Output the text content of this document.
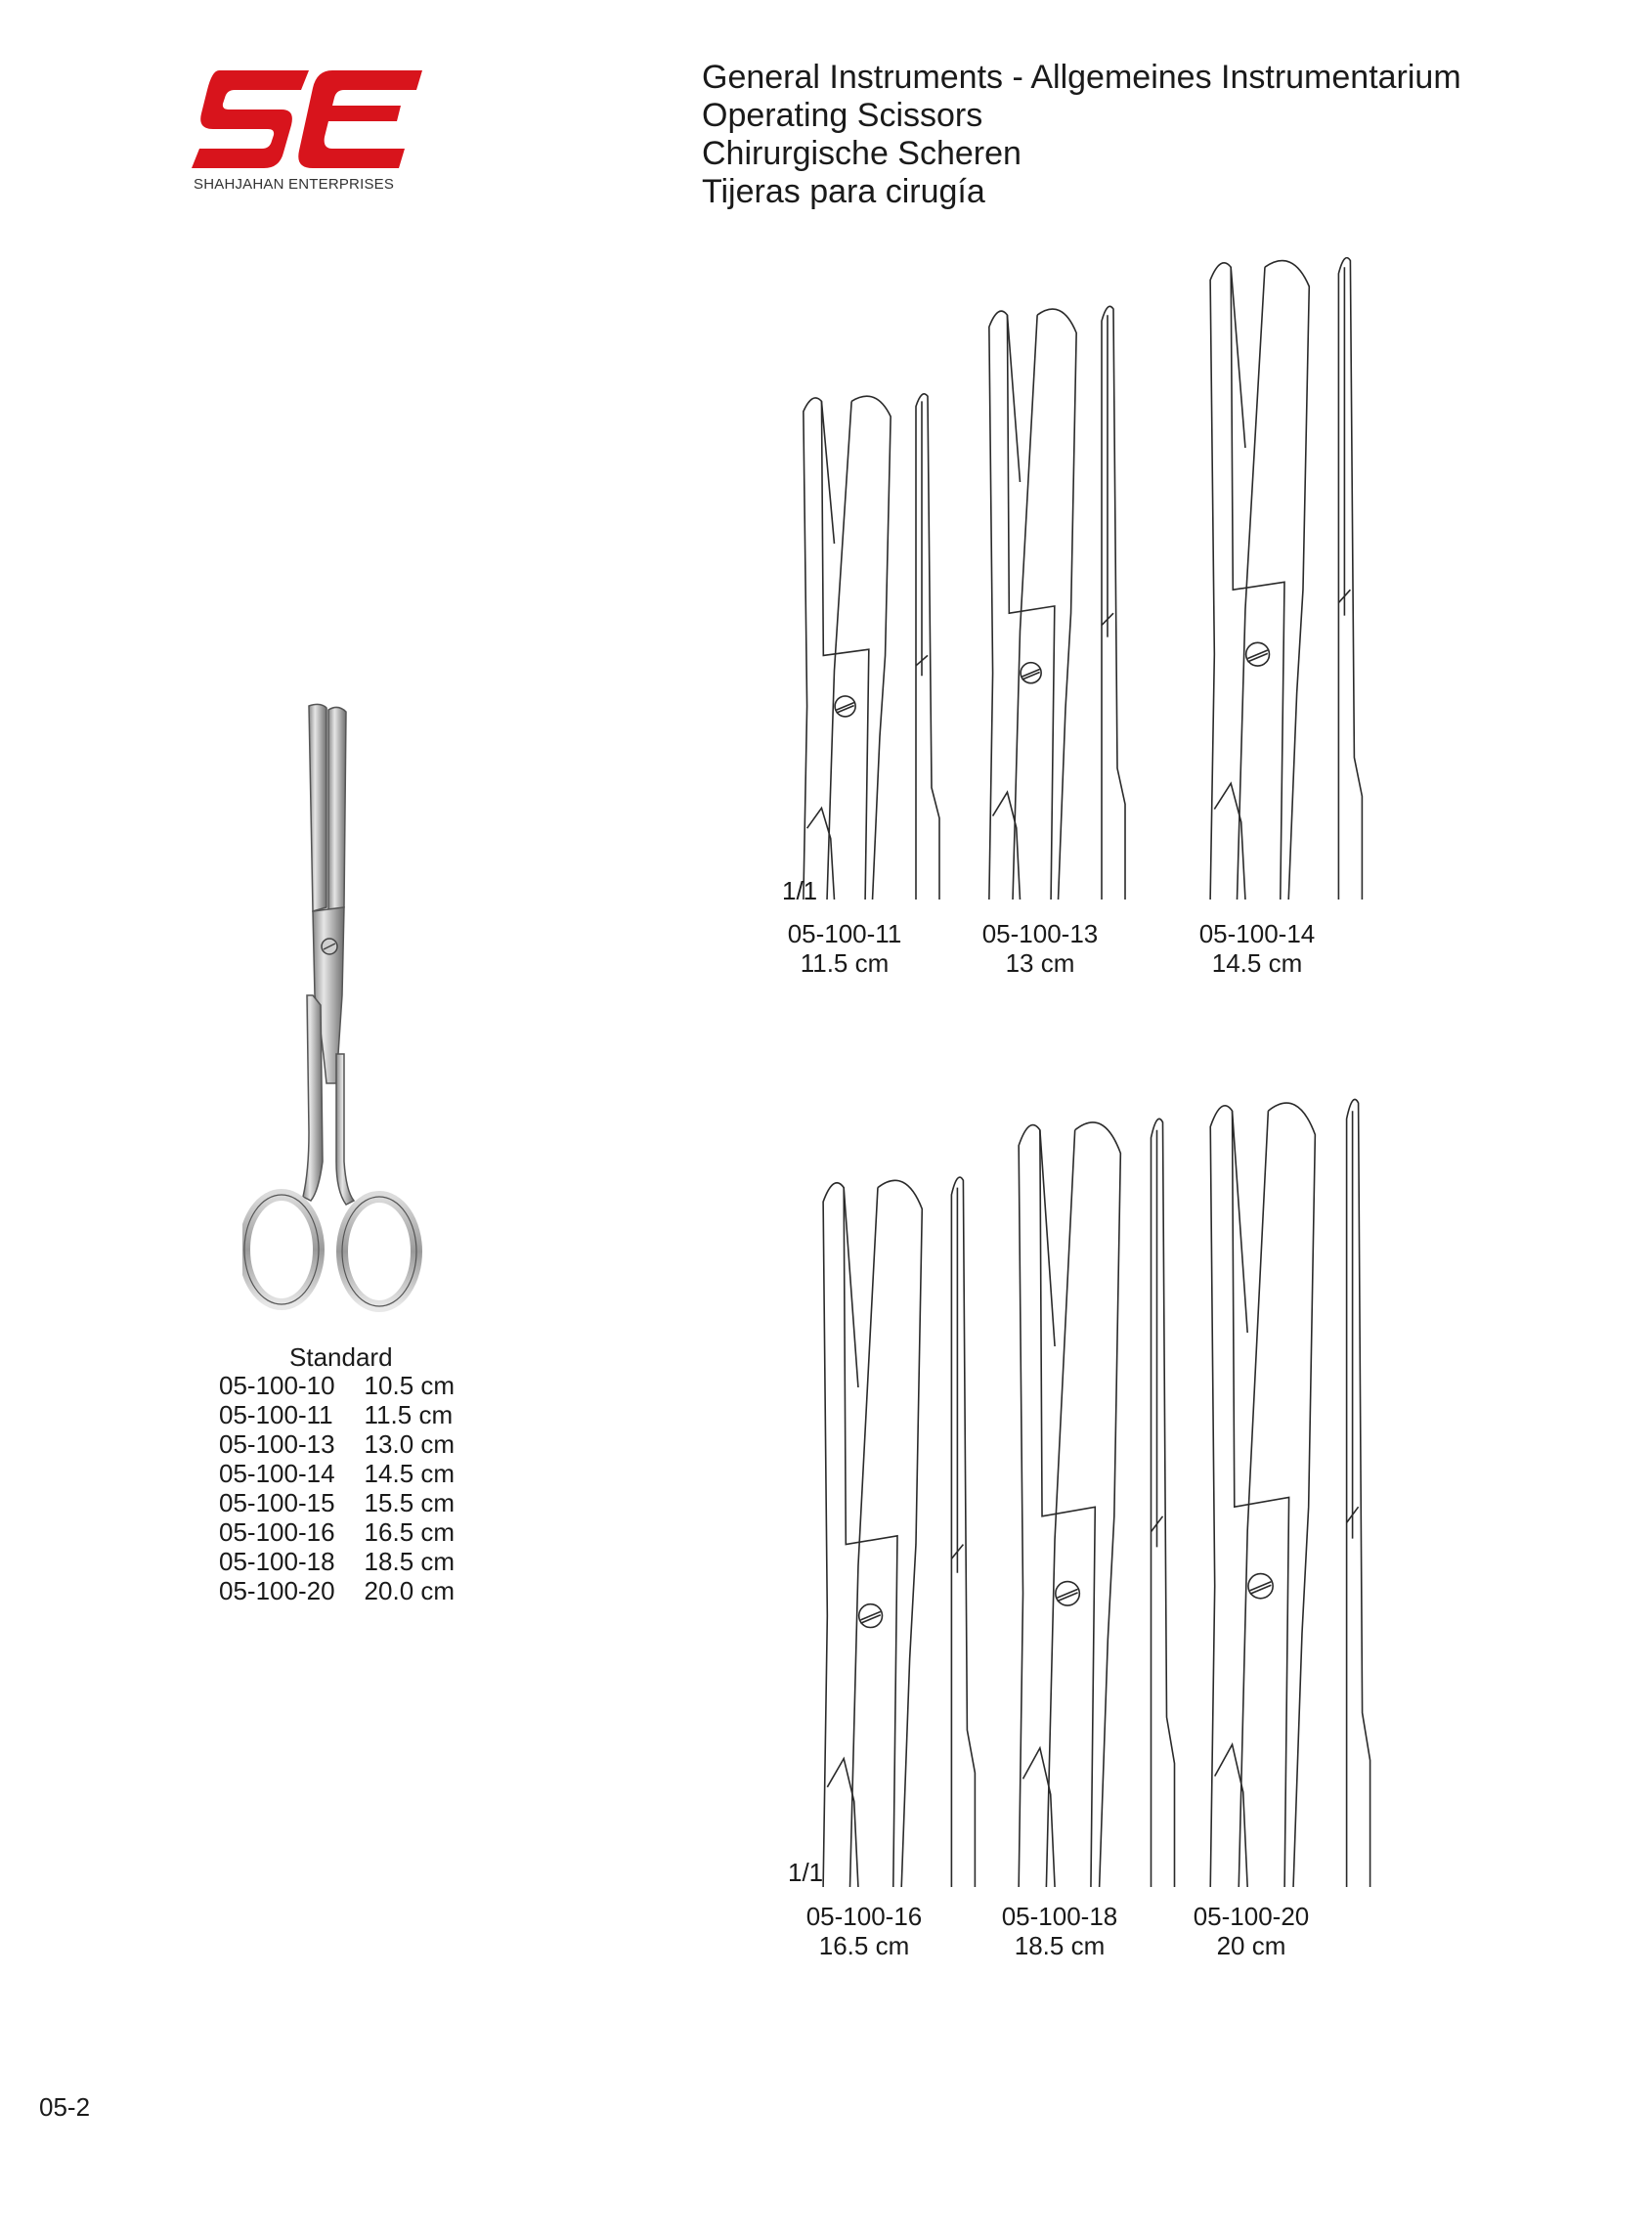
SHAHJAHAN ENTERPRISES
General Instruments - Allgemeines Instrumentarium
Operating Scissors
Chirurgische Scheren
Tijeras para cirugía
Standard
05-100-10	10.5 cm
05-100-11	11.5 cm
05-100-13	13.0 cm
05-100-14	14.5 cm
05-100-15	15.5 cm
05-100-16	16.5 cm
05-100-18	18.5 cm
05-100-20	20.0 cm
1/1
05-100-11
11.5 cm
05-100-13
13 cm
05-100-14
14.5 cm
1/1
05-100-16
16.5 cm
05-100-18
18.5 cm
05-100-20
20 cm
05-2
